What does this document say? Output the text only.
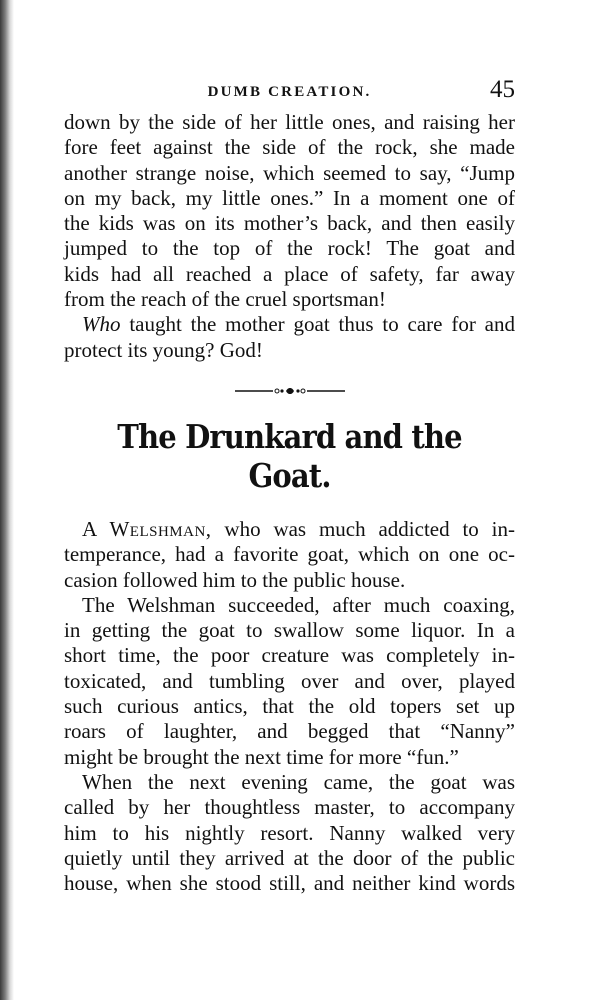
DUMB CREATION.	45
down by the side of her little ones, and raising her
fore feet against the side of the rock, she made
another strange noise, which seemed to say, “Jump
on my back, my little ones.” In a moment one of
the kids was on its mother’s back, and then easily
jumped to the top of the rock! The goat and
kids had all reached a place of safety, far away
from the reach of the cruel sportsman!
Who taught the mother goat thus to care for and
protect its young? God!
The Drunkard and the Goat.
A Welshman, who was much addicted to in-
temperance, had a favorite goat, which on one oc-
casion followed him to the public house.
The Welshman succeeded, after much coaxing,
in getting the goat to swallow some liquor. In a
short time, the poor creature was completely in-
toxicated, and tumbling over and over, played
such curious antics, that the old topers set up
roars of laughter, and begged that “Nanny”
might be brought the next time for more “fun.”
When the next evening came, the goat was
called by her thoughtless master, to accompany
him to his nightly resort. Nanny walked very
quietly until they arrived at the door of the public
house, when she stood still, and neither kind words
